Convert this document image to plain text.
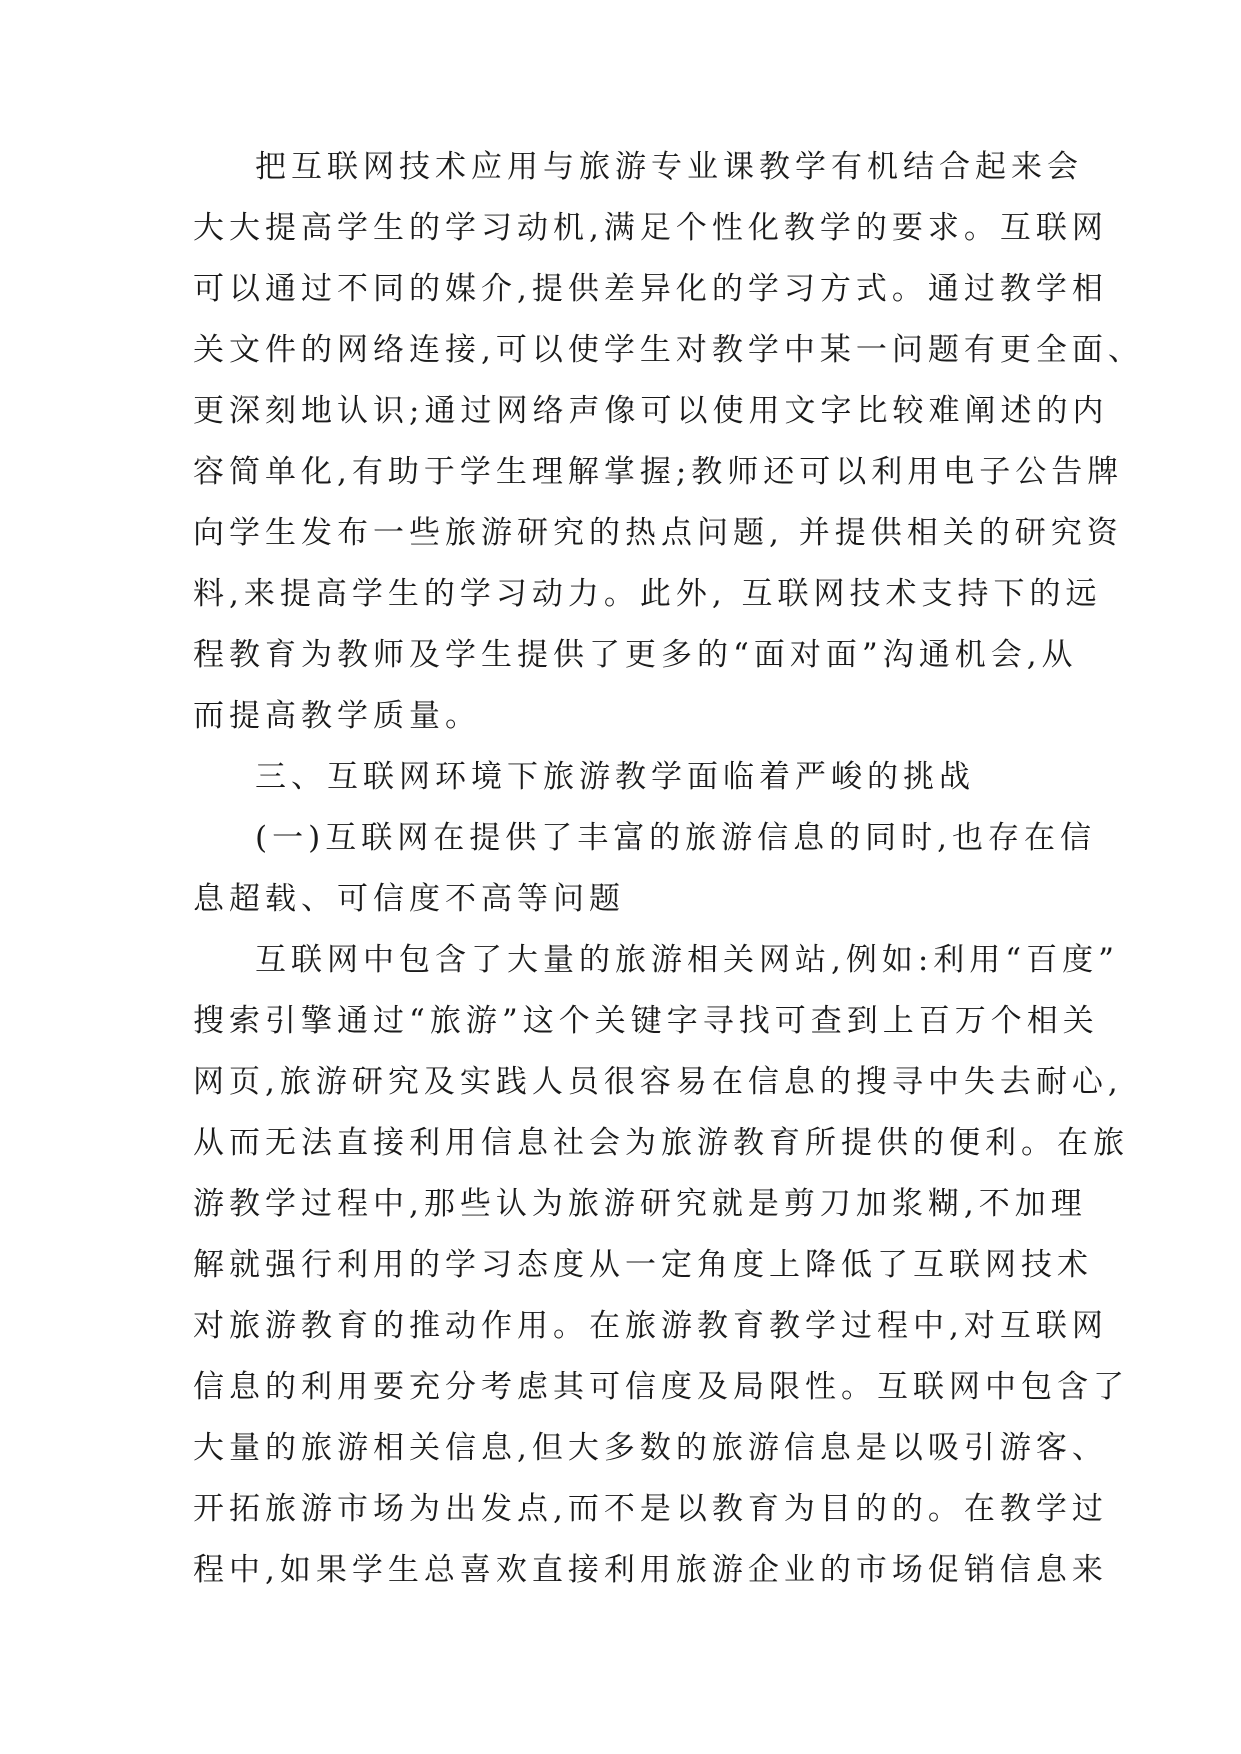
把互联网技术应用与旅游专业课教学有机结合起来会
大大提高学生的学习动机,满足个性化教学的要求。互联网
可以通过不同的媒介,提供差异化的学习方式。通过教学相
关文件的网络连接,可以使学生对教学中某一问题有更全面、
更深刻地认识;通过网络声像可以使用文字比较难阐述的内
容简单化,有助于学生理解掌握;教师还可以利用电子公告牌
向学生发布一些旅游研究的热点问题, 并提供相关的研究资
料,来提高学生的学习动力。此外, 互联网技术支持下的远
程教育为教师及学生提供了更多的“面对面”沟通机会,从
而提高教学质量。
三、互联网环境下旅游教学面临着严峻的挑战
(一)互联网在提供了丰富的旅游信息的同时,也存在信
息超载、可信度不高等问题
互联网中包含了大量的旅游相关网站,例如:利用“百度”
搜索引擎通过“旅游”这个关键字寻找可查到上百万个相关
网页,旅游研究及实践人员很容易在信息的搜寻中失去耐心,
从而无法直接利用信息社会为旅游教育所提供的便利。在旅
游教学过程中,那些认为旅游研究就是剪刀加浆糊,不加理
解就强行利用的学习态度从一定角度上降低了互联网技术
对旅游教育的推动作用。在旅游教育教学过程中,对互联网
信息的利用要充分考虑其可信度及局限性。互联网中包含了
大量的旅游相关信息,但大多数的旅游信息是以吸引游客、
开拓旅游市场为出发点,而不是以教育为目的的。在教学过
程中,如果学生总喜欢直接利用旅游企业的市场促销信息来
